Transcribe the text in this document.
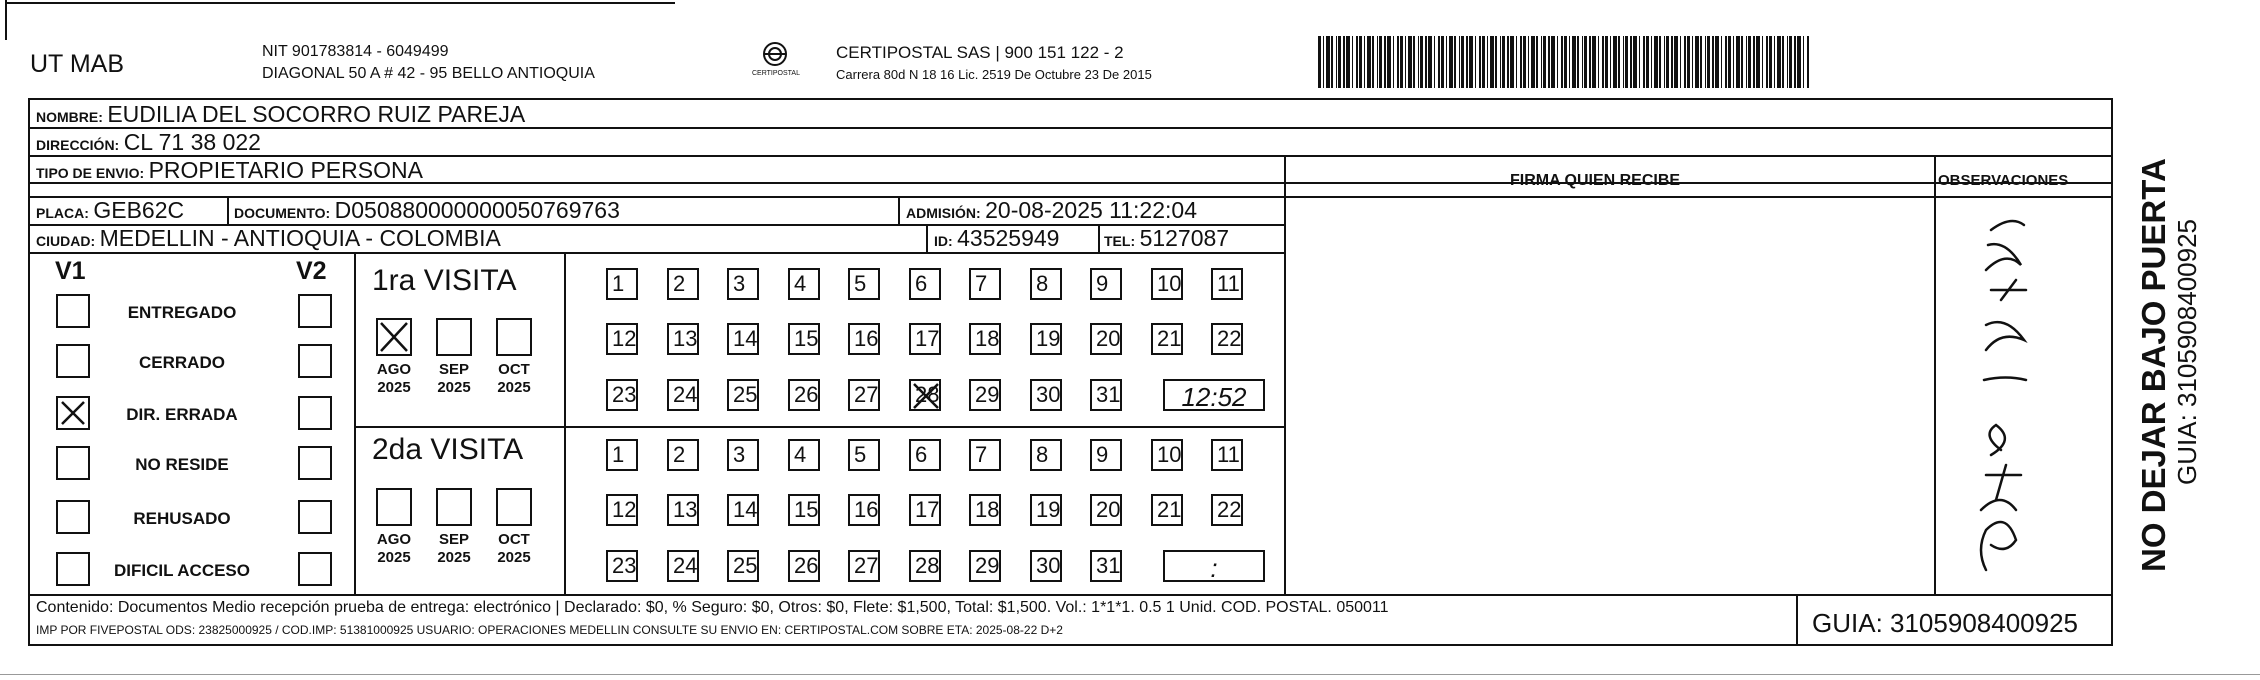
UT MAB	NIT 901783814 - 6049499
DIAGONAL 50 A # 42 - 95 BELLO ANTIOQUIA	CERTIPOSTAL
CERTIPOSTAL SAS | 900 151 122 - 2
Carrera 80d N 18 16 Lic. 2519 De Octubre 23 De 2015
NOMBRE: EUDILIA DEL SOCORRO RUIZ PAREJA
DIRECCIÓN: CL 71 38 022
TIPO DE ENVIO: PROPIETARIO PERSONA
PLACA: GEB62C	DOCUMENTO: D050880000000050769763	ADMISIÓN: 20-08-2025 11:22:04
CIUDAD: MEDELLIN - ANTIOQUIA - COLOMBIA	ID: 43525949	TEL: 5127087
FIRMA QUIEN RECIBE	OBSERVACIONES
V1	V2
ENTREGADO
CERRADO
DIR. ERRADA
NO RESIDE
REHUSADO
DIFICIL ACCESO
1ra VISITA
AGO
2025
SEP
2025
OCT
2025
1	2	3	4	5	6	7	8	9	10 11
12 13 14 15 16 17 18 19 20 21 22
23 24 25 26 27 28 29 30 31	12:52
2da VISITA
AGO
2025
SEP
2025
OCT
2025
1	2	3	4	5	6	7	8	9	10 11
12 13 14 15 16 17 18 19 20 21 22
23 24 25 26 27 28 29 30 31	:
Contenido: Documentos Medio recepción prueba de entrega: electrónico | Declarado: $0, % Seguro: $0, Otros: $0, Flete: $1,500, Total: $1,500. Vol.: 1*1*1. 0.5 1 Unid. COD. POSTAL. 050011
IMP POR FIVEPOSTAL ODS: 23825000925 / COD.IMP: 51381000925 USUARIO: OPERACIONES MEDELLIN CONSULTE SU ENVIO EN: CERTIPOSTAL.COM SOBRE ETA: 2025-08-22 D+2	GUIA: 3105908400925
NO DEJAR BAJO PUERTA GUIA: 3105908400925
